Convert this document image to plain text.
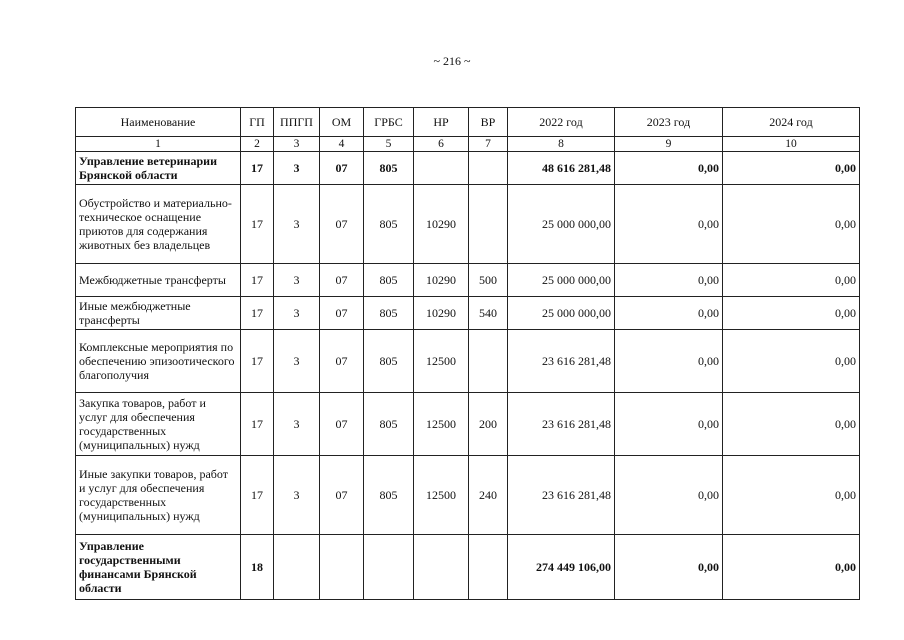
~ 216 ~
Наименование	ГП	ППГП	ОМ	ГРБС	НР	ВР	2022 год	2023 год	2024 год
1	2	3	4	5	6	7	8	9	10
Управление ветеринарии Брянской области	17	3	07	805			48 616 281,48	0,00	0,00
Обустройство и материально-техническое оснащение приютов для содержания животных без владельцев	17	3	07	805	10290		25 000 000,00	0,00	0,00
Межбюджетные трансферты	17	3	07	805	10290	500	25 000 000,00	0,00	0,00
Иные межбюджетные трансферты	17	3	07	805	10290	540	25 000 000,00	0,00	0,00
Комплексные мероприятия по обеспечению эпизоотического благополучия	17	3	07	805	12500		23 616 281,48	0,00	0,00
Закупка товаров, работ и услуг для обеспечения государственных (муниципальных) нужд	17	3	07	805	12500	200	23 616 281,48	0,00	0,00
Иные закупки товаров, работ и услуг для обеспечения государственных (муниципальных) нужд	17	3	07	805	12500	240	23 616 281,48	0,00	0,00
Управление государственными финансами Брянской области	18						274 449 106,00	0,00	0,00
